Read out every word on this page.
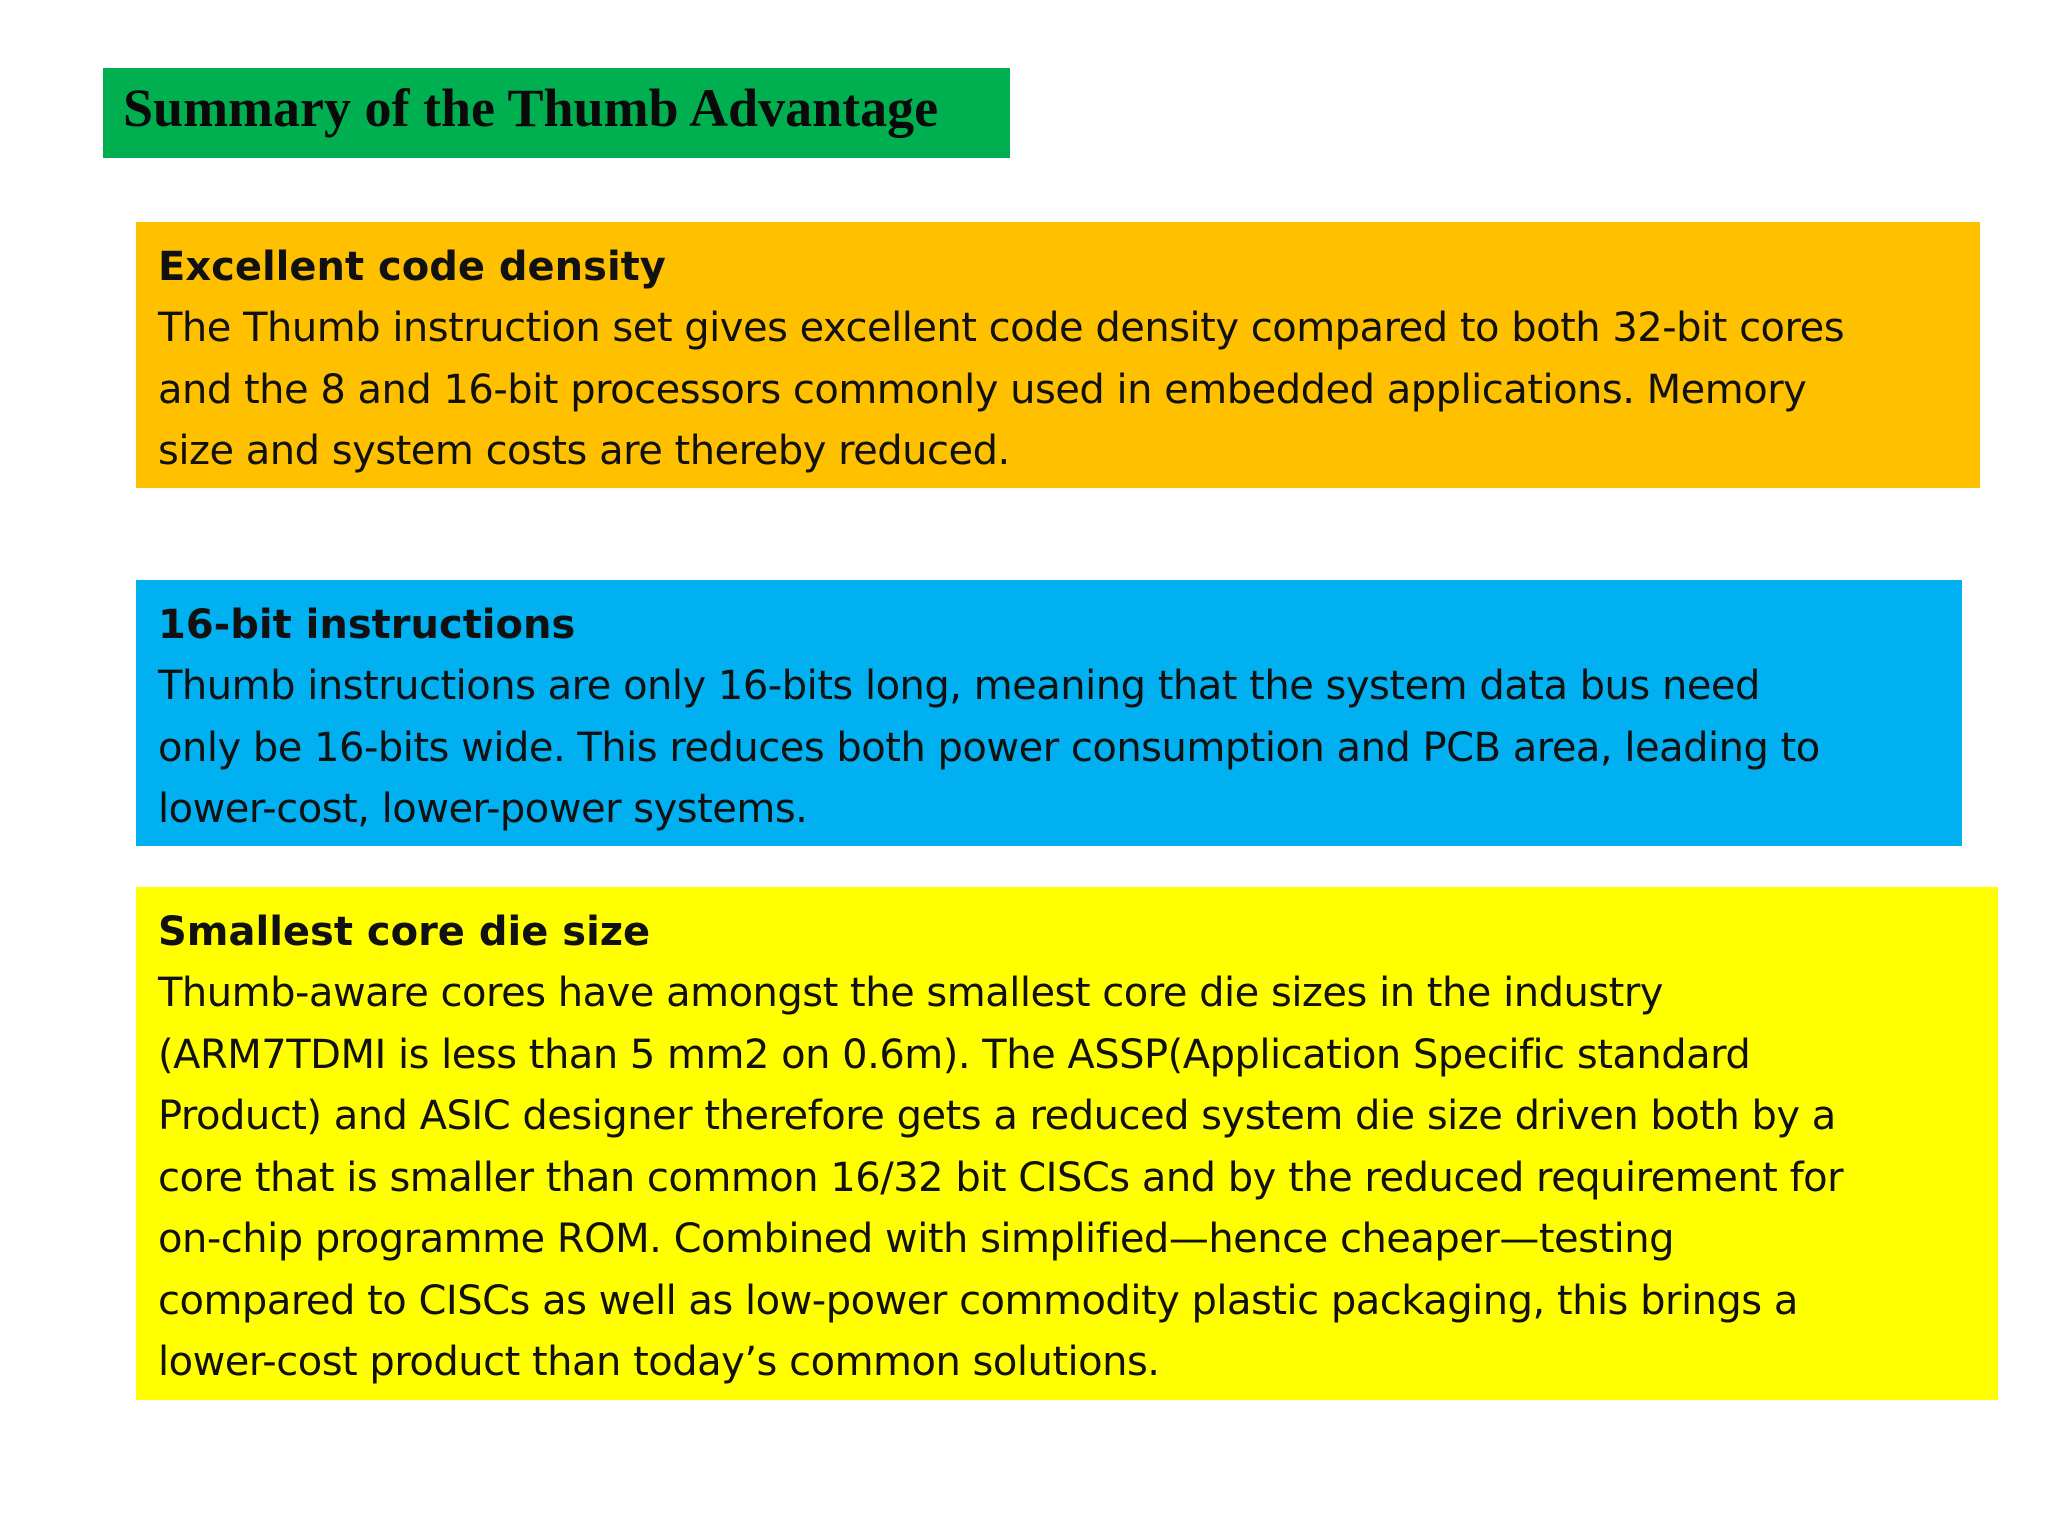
Summary of the Thumb Advantage
Excellent code density
The Thumb instruction set gives excellent code density compared to both 32-bit cores
and the 8 and 16-bit processors commonly used in embedded applications. Memory
size and system costs are thereby reduced.
16-bit instructions
Thumb instructions are only 16-bits long, meaning that the system data bus need
only be 16-bits wide. This reduces both power consumption and PCB area, leading to
lower-cost, lower-power systems.
Smallest core die size
Thumb-aware cores have amongst the smallest core die sizes in the industry
(ARM7TDMI is less than 5 mm2 on 0.6m). The ASSP(Application Specific standard
Product) and ASIC designer therefore gets a reduced system die size driven both by a
core that is smaller than common 16/32 bit CISCs and by the reduced requirement for
on-chip programme ROM. Combined with simplified—hence cheaper—testing
compared to CISCs as well as low-power commodity plastic packaging, this brings a
lower-cost product than today’s common solutions.
